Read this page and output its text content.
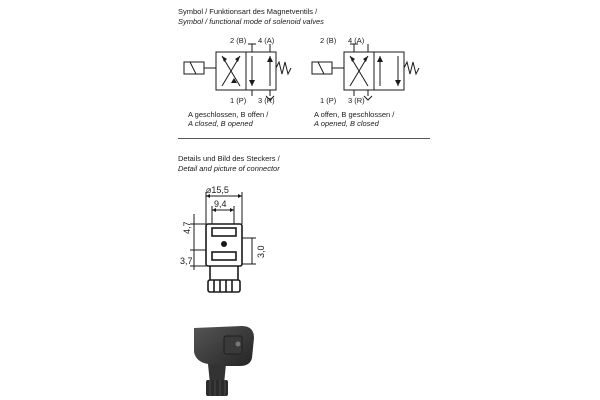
Symbol / Funktionsart des Magnetventils /
Symbol / functional mode of solenoid valves
2 (B) 4 (A)
1 (P) 3 (R)
A geschlossen, B offen /
A closed, B opened
2 (B) 4 (A)
1 (P) 3 (R)
A offen, B geschlossen /
A opened, B closed
Details und Bild des Steckers /
Detail and picture of connector
⌀15,5
9,4
4,7
3,0
3,7
